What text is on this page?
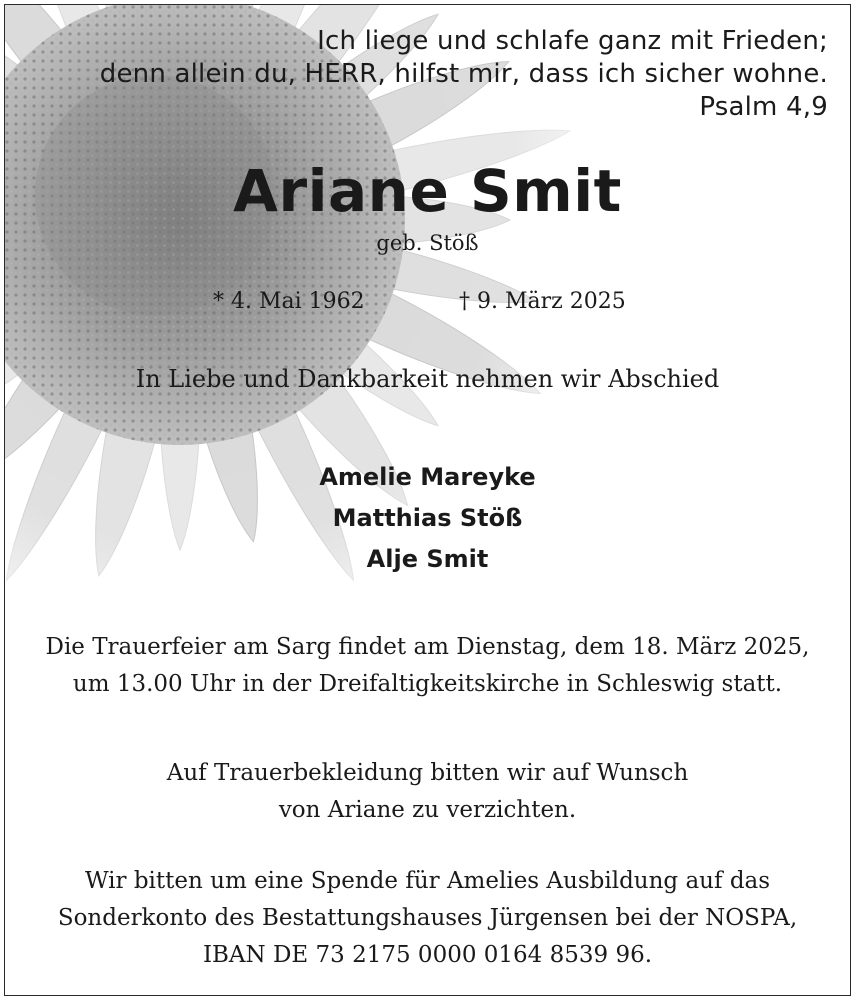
Ich liege und schlafe ganz mit Frieden;
denn allein du, HERR, hilfst mir, dass ich sicher wohne.
Psalm 4,9
Ariane Smit
geb. Stöß
* 4. Mai 1962	† 9. März 2025
In Liebe und Dankbarkeit nehmen wir Abschied
Amelie Mareyke
Matthias Stöß
Alje Smit
Die Trauerfeier am Sarg findet am Dienstag, dem 18. März 2025,
um 13.00 Uhr in der Dreifaltigkeitskirche in Schleswig statt.
Auf Trauerbekleidung bitten wir auf Wunsch
von Ariane zu verzichten.
Wir bitten um eine Spende für Amelies Ausbildung auf das
Sonderkonto des Bestattungshauses Jürgensen bei der NOSPA,
IBAN DE 73 2175 0000 0164 8539 96.
